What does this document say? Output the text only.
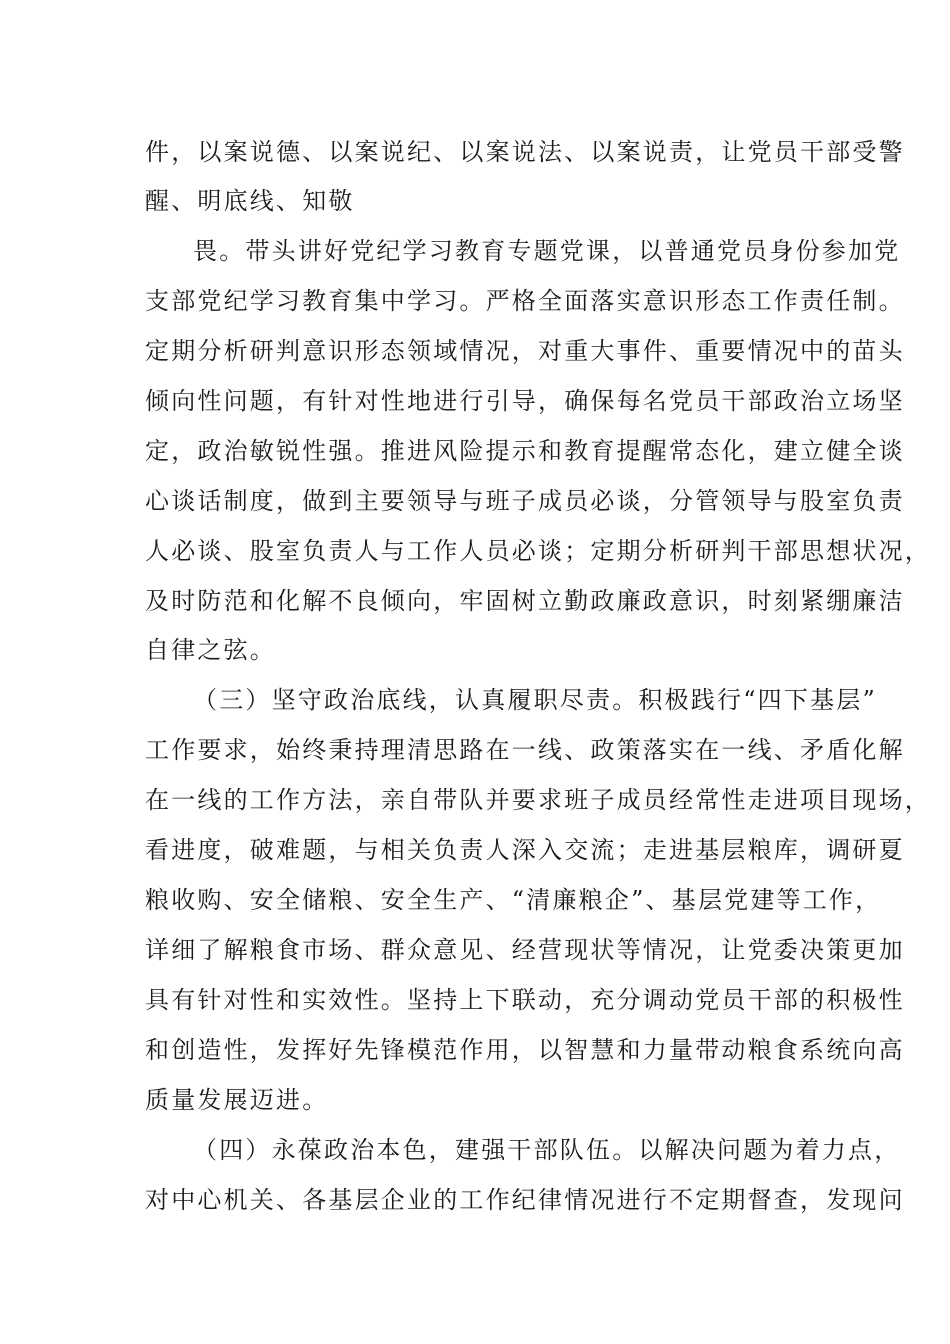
件，以案说德、以案说纪、以案说法、以案说责，让党员干部受警
醒、明底线、知敬
畏。带头讲好党纪学习教育专题党课，以普通党员身份参加党
支部党纪学习教育集中学习。严格全面落实意识形态工作责任制。
定期分析研判意识形态领域情况，对重大事件、重要情况中的苗头
倾向性问题，有针对性地进行引导，确保每名党员干部政治立场坚
定，政治敏锐性强。推进风险提示和教育提醒常态化，建立健全谈
心谈话制度，做到主要领导与班子成员必谈，分管领导与股室负责
人必谈、股室负责人与工作人员必谈；定期分析研判干部思想状况，
及时防范和化解不良倾向，牢固树立勤政廉政意识，时刻紧绷廉洁
自律之弦。
（三）坚守政治底线，认真履职尽责。积极践行“四下基层”
工作要求，始终秉持理清思路在一线、政策落实在一线、矛盾化解
在一线的工作方法，亲自带队并要求班子成员经常性走进项目现场，
看进度，破难题，与相关负责人深入交流；走进基层粮库，调研夏
粮收购、安全储粮、安全生产、“清廉粮企”、基层党建等工作，
详细了解粮食市场、群众意见、经营现状等情况，让党委决策更加
具有针对性和实效性。坚持上下联动，充分调动党员干部的积极性
和创造性，发挥好先锋模范作用，以智慧和力量带动粮食系统向高
质量发展迈进。
（四）永葆政治本色，建强干部队伍。以解决问题为着力点，
对中心机关、各基层企业的工作纪律情况进行不定期督查，发现问
